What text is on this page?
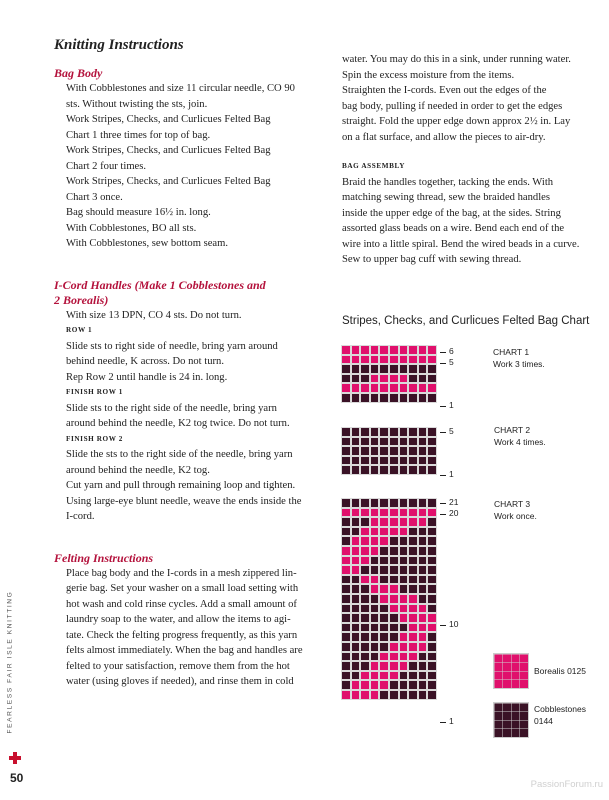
Knitting Instructions
Bag Body
With Cobblestones and size 11 circular needle, CO 90
sts. Without twisting the sts, join.
Work Stripes, Checks, and Curlicues Felted Bag
Chart 1 three times for top of bag.
Work Stripes, Checks, and Curlicues Felted Bag
Chart 2 four times.
Work Stripes, Checks, and Curlicues Felted Bag
Chart 3 once.
Bag should measure 16½ in. long.
With Cobblestones, BO all sts.
With Cobblestones, sew bottom seam.
I-Cord Handles (Make 1 Cobblestones and
2 Borealis)
With size 13 DPN, CO 4 sts. Do not turn.
ROW 1
Slide sts to right side of needle, bring yarn around
behind needle, K across. Do not turn.
Rep Row 2 until handle is 24 in. long.
FINISH ROW 1
Slide sts to the right side of the needle, bring yarn
around behind the needle, K2 tog twice. Do not turn.
FINISH ROW 2
Slide the sts to the right side of the needle, bring yarn
around behind the needle, K2 tog.
Cut yarn and pull through remaining loop and tighten.
Using large-eye blunt needle, weave the ends inside the
I-cord.
Felting Instructions
Place bag body and the I-cords in a mesh zippered lin-
gerie bag. Set your washer on a small load setting with
hot wash and cold rinse cycles. Add a small amount of
laundry soap to the water, and allow the items to agi-
tate. Check the felting progress frequently, as this yarn
felts almost immediately. When the bag and handles are
felted to your satisfaction, remove them from the hot
water (using gloves if needed), and rinse them in cold
water. You may do this in a sink, under running water.
Spin the excess moisture from the items.
Straighten the I-cords. Even out the edges of the
bag body, pulling if needed in order to get the edges
straight. Fold the upper edge down approx 2½ in. Lay
on a flat surface, and allow the pieces to air-dry.
BAG ASSEMBLY
Braid the handles together, tacking the ends. With
matching sewing thread, sew the braided handles
inside the upper edge of the bag, at the sides. String
assorted glass beads on a wire. Bend each end of the
wire into a little spiral. Bend the wired beads in a curve.
Sew to upper bag cuff with sewing thread.
Stripes, Checks, and Curlicues Felted Bag Chart
CHART 1
Work 3 times.
CHART 2
Work 4 times.
CHART 3
Work once.
6
5
1
5
1
21
20
10
1
Borealis 0125
Cobblestones 0144
FEARLESS FAIR ISLE KNITTING
50	PassionForum.ru
